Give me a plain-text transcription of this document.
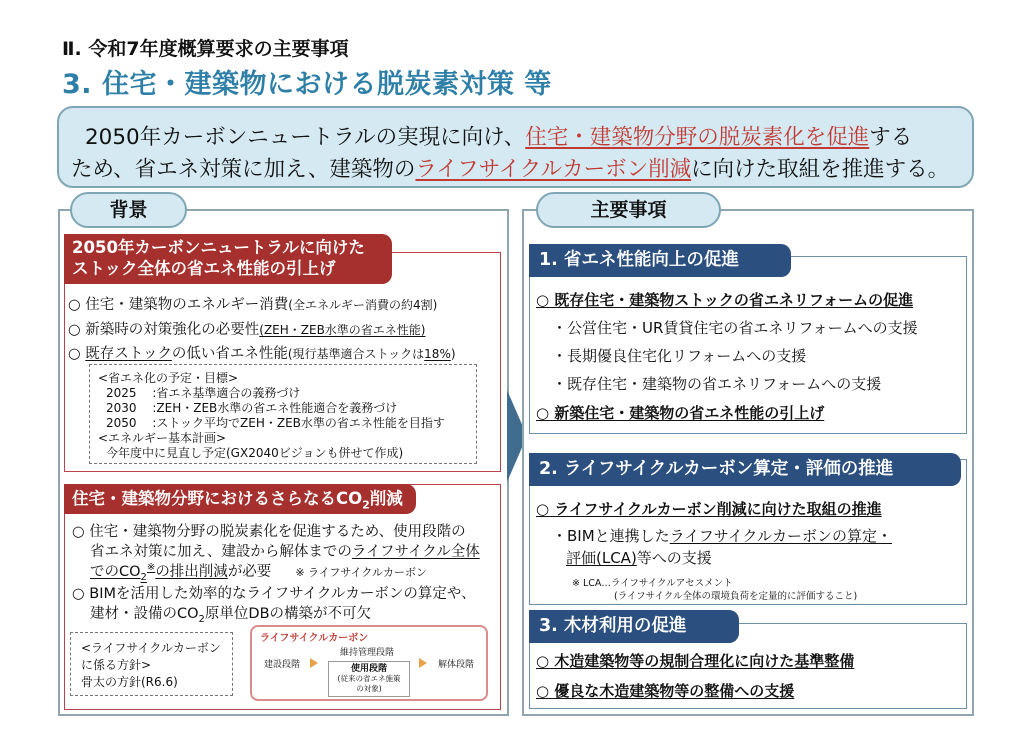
Ⅱ. 令和7年度概算要求の主要事項
3. 住宅・建築物における脱炭素対策 等
2050年カーボンニュートラルの実現に向け、住宅・建築物分野の脱炭素化を促進する
ため、省エネ対策に加え、建築物のライフサイクルカーボン削減に向けた取組を推進する。
背景
2050年カーボンニュートラルに向けた
ストック全体の省エネ性能の引上げ
○ 住宅・建築物のエネルギー消費(全エネルギー消費の約4割)
○ 新築時の対策強化の必要性(ZEH・ZEB水準の省エネ性能)
○ 既存ストックの低い省エネ性能(現行基準適合ストックは18%)
<省エネ化の予定・目標>
2025　 :省エネ基準適合の義務づけ
2030　 :ZEH・ZEB水準の省エネ性能適合を義務づけ
2050　 :ストック平均でZEH・ZEB水準の省エネ性能を目指す
<エネルギー基本計画>
今年度中に見直し予定(GX2040ビジョンも併せて作成)
住宅・建築物分野におけるさらなる$CO_2$削減
○ 住宅・建築物分野の脱炭素化を促進するため、使用段階の
省エネ対策に加え、建設から解体までのライフサイクル全体
での$CO_2^※$の排出削減が必要 ※ ライフサイクルカーボン
○ BIMを活用した効率的なライフサイクルカーボンの算定や、
建材・設備の$CO_2$原単位DBの構築が不可欠
<ライフサイクルカーボン
に係る方針>
骨太の方針(R6.6)
ライフサイクルカーボン
建設段階
維持管理段階
使用段階
(従来の省エネ施策
の対象)
解体段階
主要事項
1. 省エネ性能向上の促進
○ 既存住宅・建築物ストックの省エネリフォームの促進
・公営住宅・UR賃貸住宅の省エネリフォームへの支援
・長期優良住宅化リフォームへの支援
・既存住宅・建築物の省エネリフォームへの支援
○ 新築住宅・建築物の省エネ性能の引上げ
2. ライフサイクルカーボン算定・評価の推進
○ ライフサイクルカーボン削減に向けた取組の推進
・BIMと連携したライフサイクルカーボンの算定・
評価(LCA)等への支援
※ LCA…ライフサイクルアセスメント
(ライフサイクル全体の環境負荷を定量的に評価すること)
3. 木材利用の促進
○ 木造建築物等の規制合理化に向けた基準整備
○ 優良な木造建築物等の整備への支援
